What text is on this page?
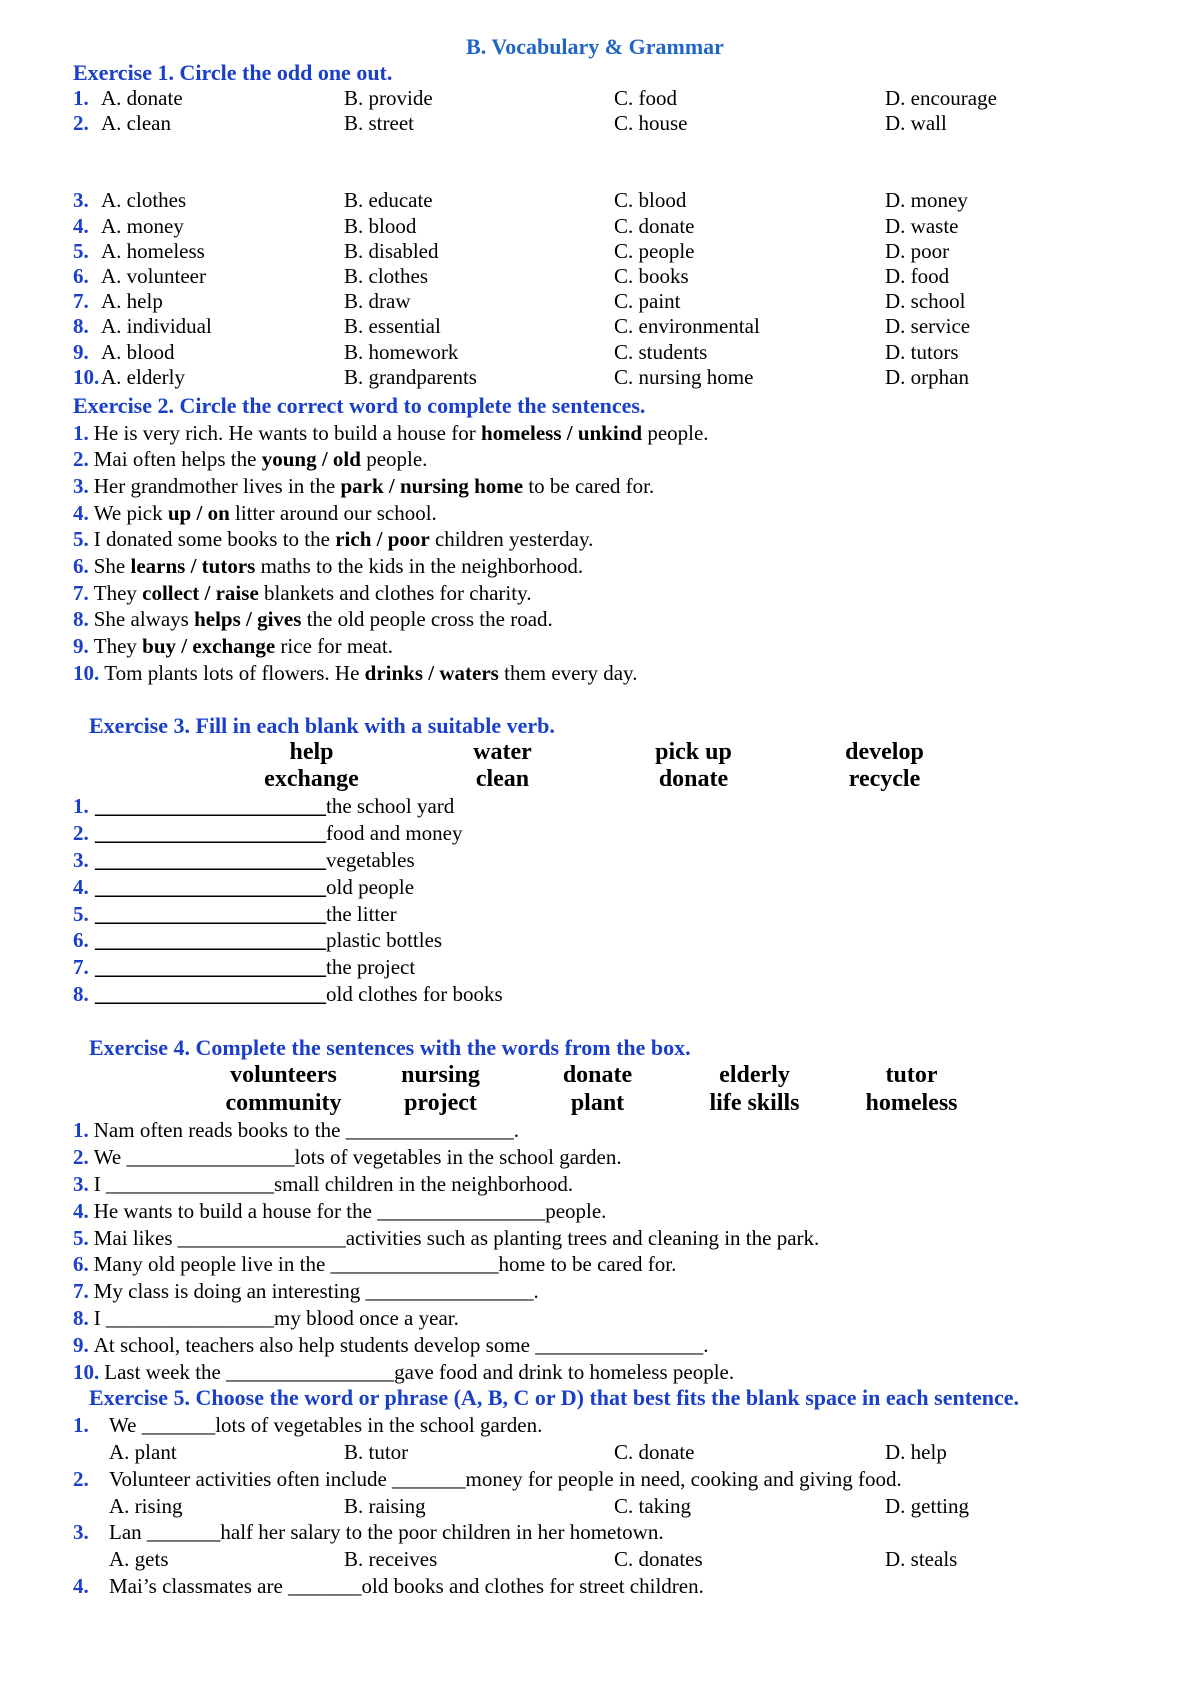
B. Vocabulary & Grammar
Exercise 1. Circle the odd one out.
1. A. donate	B. provide	C. food	D. encourage
2. A. clean	B. street	C. house	D. wall
3. A. clothes	B. educate	C. blood	D. money
4. A. money	B. blood	C. donate	D. waste
5. A. homeless	B. disabled	C. people	D. poor
6. A. volunteer	B. clothes	C. books	D. food
7. A. help	B. draw	C. paint	D. school
8. A. individual	B. essential	C. environmental	D. service
9. A. blood	B. homework	C. students	D. tutors
10.A. elderly	B. grandparents	C. nursing home	D. orphan
Exercise 2. Circle the correct word to complete the sentences.
1. He is very rich. He wants to build a house for homeless / unkind people.
2. Mai often helps the young / old people.
3. Her grandmother lives in the park / nursing home to be cared for.
4. We pick up / on litter around our school.
5. I donated some books to the rich / poor children yesterday.
6. She learns / tutors maths to the kids in the neighborhood.
7. They collect / raise blankets and clothes for charity.
8. She always helps / gives the old people cross the road.
9. They buy / exchange rice for meat.
10. Tom plants lots of flowers. He drinks / waters them every day.
Exercise 3. Fill in each blank with a suitable verb.
help	water	pick up	develop
exchange	clean	donate	recycle
1. ______________________the school yard
2. ______________________food and money
3. ______________________vegetables
4. ______________________old people
5. ______________________the litter
6. ______________________plastic bottles
7. ______________________the project
8. ______________________old clothes for books
Exercise 4. Complete the sentences with the words from the box.
volunteers	nursing	donate	elderly	tutor
community	project	plant	life skills	homeless
1. Nam often reads books to the ________________.
2. We ________________lots of vegetables in the school garden.
3. I ________________small children in the neighborhood.
4. He wants to build a house for the ________________people.
5. Mai likes ________________activities such as planting trees and cleaning in the park.
6. Many old people live in the ________________home to be cared for.
7. My class is doing an interesting ________________.
8. I ________________my blood once a year.
9. At school, teachers also help students develop some ________________.
10. Last week the ________________gave food and drink to homeless people.
Exercise 5. Choose the word or phrase (A, B, C or D) that best fits the blank space in each sentence.
1. We _______lots of vegetables in the school garden.
A. plant	B. tutor	C. donate	D. help
2. Volunteer activities often include _______money for people in need, cooking and giving food.
A. rising	B. raising	C. taking	D. getting
3. Lan _______half her salary to the poor children in her hometown.
A. gets	B. receives	C. donates	D. steals
4. Mai’s classmates are _______old books and clothes for street children.
